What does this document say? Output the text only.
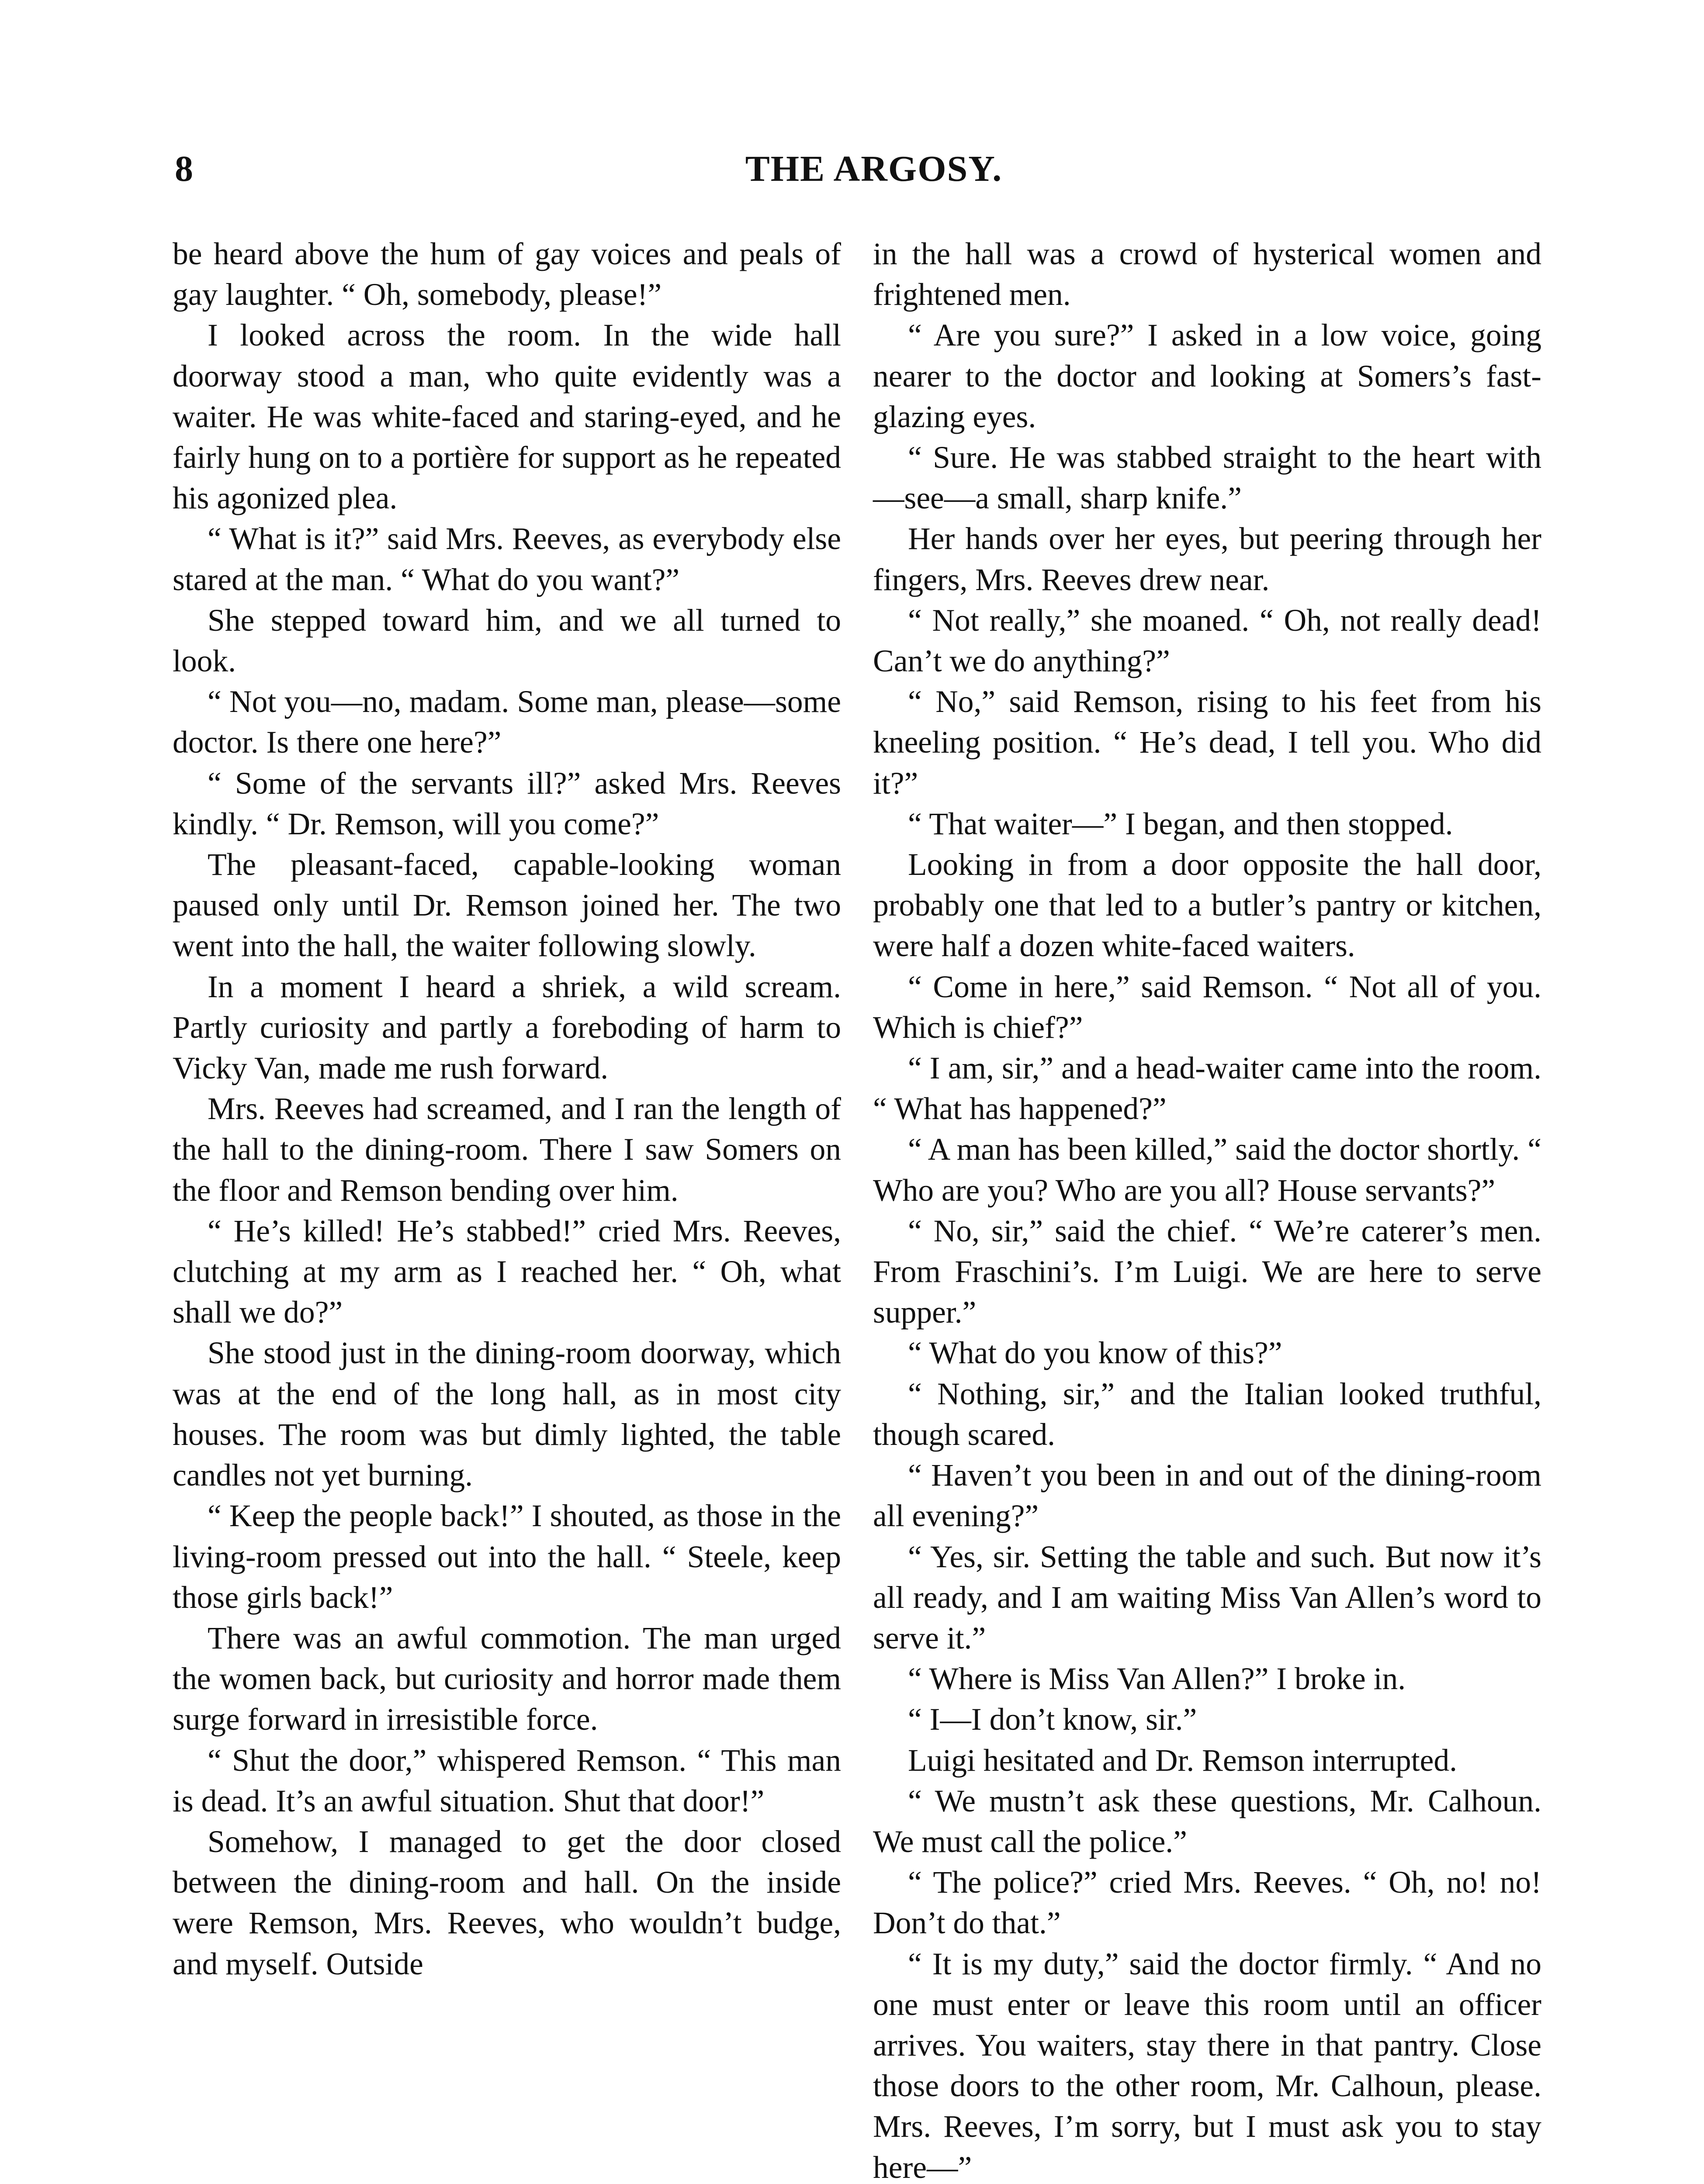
8	THE ARGOSY.

be heard above the hum of gay voices and peals of gay laughter. “ Oh, somebody, please!”

I looked across the room. In the wide hall doorway stood a man, who quite evidently was a waiter. He was white-faced and staring-eyed, and he fairly hung on to a portière for support as he repeated his agonized plea.

“ What is it?” said Mrs. Reeves, as everybody else stared at the man. “ What do you want?”

She stepped toward him, and we all turned to look.

“ Not you—no, madam. Some man, please—some doctor. Is there one here?”

“ Some of the servants ill?” asked Mrs. Reeves kindly. “ Dr. Remson, will you come?”

The pleasant-faced, capable-looking woman paused only until Dr. Remson joined her. The two went into the hall, the waiter following slowly.

In a moment I heard a shriek, a wild scream. Partly curiosity and partly a foreboding of harm to Vicky Van, made me rush forward.

Mrs. Reeves had screamed, and I ran the length of the hall to the dining-room. There I saw Somers on the floor and Remson bending over him.

“ He’s killed! He’s stabbed!” cried Mrs. Reeves, clutching at my arm as I reached her. “ Oh, what shall we do?”

She stood just in the dining-room doorway, which was at the end of the long hall, as in most city houses. The room was but dimly lighted, the table candles not yet burning.

“ Keep the people back!” I shouted, as those in the living-room pressed out into the hall. “ Steele, keep those girls back!”

There was an awful commotion. The man urged the women back, but curiosity and horror made them surge forward in irresistible force.

“ Shut the door,” whispered Remson. “ This man is dead. It’s an awful situation. Shut that door!”

Somehow, I managed to get the door closed between the dining-room and hall. On the inside were Remson, Mrs. Reeves, who wouldn’t budge, and myself. Outside

in the hall was a crowd of hysterical women and frightened men.

“ Are you sure?” I asked in a low voice, going nearer to the doctor and looking at Somers’s fast-glazing eyes.

“ Sure. He was stabbed straight to the heart with—see—a small, sharp knife.”

Her hands over her eyes, but peering through her fingers, Mrs. Reeves drew near.

“ Not really,” she moaned. “ Oh, not really dead! Can’t we do anything?”

“ No,” said Remson, rising to his feet from his kneeling position. “ He’s dead, I tell you. Who did it?”

“ That waiter—” I began, and then stopped.

Looking in from a door opposite the hall door, probably one that led to a butler’s pantry or kitchen, were half a dozen white-faced waiters.

“ Come in here,” said Remson. “ Not all of you. Which is chief?”

“ I am, sir,” and a head-waiter came into the room. “ What has happened?”

“ A man has been killed,” said the doctor shortly. “ Who are you? Who are you all? House servants?”

“ No, sir,” said the chief. “ We’re caterer’s men. From Fraschini’s. I’m Luigi. We are here to serve supper.”

“ What do you know of this?”

“ Nothing, sir,” and the Italian looked truthful, though scared.

“ Haven’t you been in and out of the dining-room all evening?”

“ Yes, sir. Setting the table and such. But now it’s all ready, and I am waiting Miss Van Allen’s word to serve it.”

“ Where is Miss Van Allen?” I broke in.

“ I—I don’t know, sir.”

Luigi hesitated and Dr. Remson interrupted.

“ We mustn’t ask these questions, Mr. Calhoun. We must call the police.”

“ The police?” cried Mrs. Reeves. “ Oh, no! no! Don’t do that.”

“ It is my duty,” said the doctor firmly. “ And no one must enter or leave this room until an officer arrives. You waiters, stay there in that pantry. Close those doors to the other room, Mr. Calhoun, please. Mrs. Reeves, I’m sorry, but I must ask you to stay here—”
